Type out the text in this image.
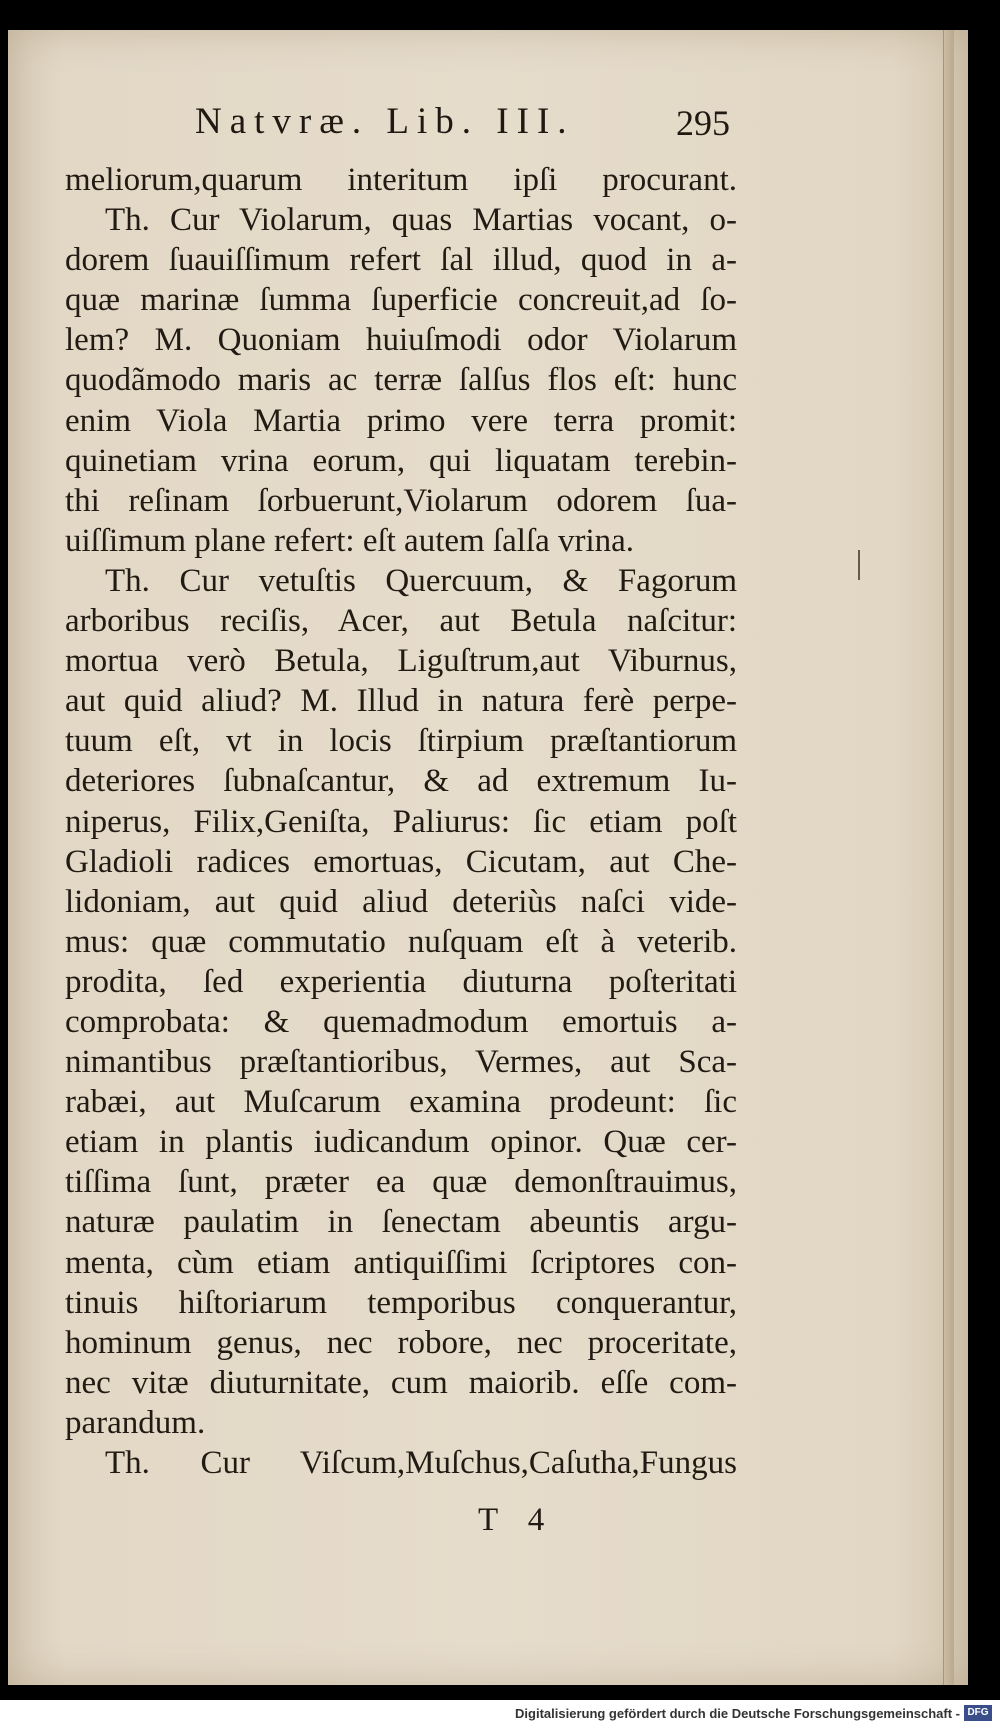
Natvræ. Lib. III.	295
meliorum,quarum interitum ipſi procurant.
Th. Cur Violarum, quas Martias vocant, o-
dorem ſuauiſſimum refert ſal illud, quod in a-
quæ marinæ ſumma ſuperficie concreuit,ad ſo-
lem? M. Quoniam huiuſmodi odor Violarum
quodãmodo maris ac terræ ſalſus flos eſt: hunc
enim Viola Martia primo vere terra promit:
quinetiam vrina eorum, qui liquatam terebin-
thi reſinam ſorbuerunt,Violarum odorem ſua-
uiſſimum plane refert: eſt autem ſalſa vrina.
Th. Cur vetuſtis Quercuum, & Fagorum
arboribus reciſis, Acer, aut Betula naſcitur:
mortua verò Betula, Liguſtrum,aut Viburnus,
aut quid aliud? M. Illud in natura ferè perpe-
tuum eſt, vt in locis ſtirpium præſtantiorum
deteriores ſubnaſcantur, & ad extremum Iu-
niperus, Filix,Geniſta, Paliurus: ſic etiam poſt
Gladioli radices emortuas, Cicutam, aut Che-
lidoniam, aut quid aliud deteriùs naſci vide-
mus: quæ commutatio nuſquam eſt à veterib.
prodita, ſed experientia diuturna poſteritati
comprobata: & quemadmodum emortuis a-
nimantibus præſtantioribus, Vermes, aut Sca-
rabæi, aut Muſcarum examina prodeunt: ſic
etiam in plantis iudicandum opinor. Quæ cer-
tiſſima ſunt, præter ea quæ demonſtrauimus,
naturæ paulatim in ſenectam abeuntis argu-
menta, cùm etiam antiquiſſimi ſcriptores con-
tinuis hiſtoriarum temporibus conquerantur,
hominum genus, nec robore, nec proceritate,
nec vitæ diuturnitate, cum maiorib. eſſe com-
parandum.
Th. Cur Viſcum,Muſchus,Caſutha,Fungus
T 4
Digitalisierung gefördert durch die Deutsche Forschungsgemeinschaft - DFG
